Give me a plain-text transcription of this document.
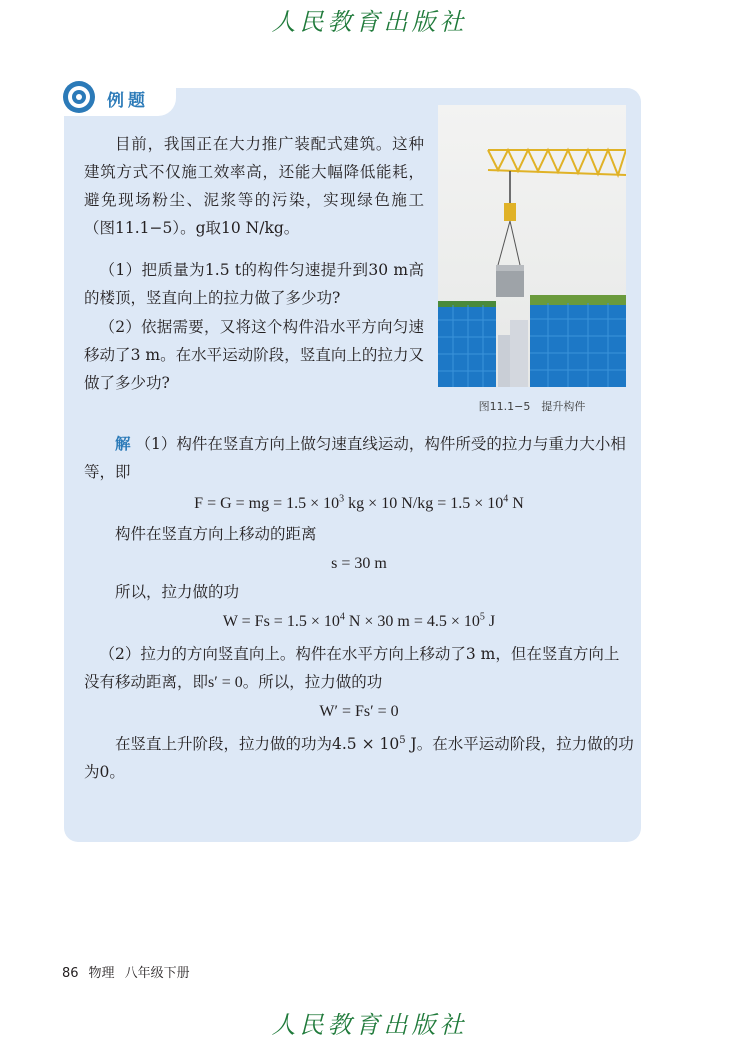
人民教育出版社
例题
目前，我国正在大力推广装配式建筑。这种建筑方式不仅施工效率高，还能大幅降低能耗，避免现场粉尘、泥浆等的污染，实现绿色施工（图11.1−5）。g取10 N/kg。
（1）把质量为1.5 t的构件匀速提升到30 m高的楼顶，竖直向上的拉力做了多少功?
（2）依据需要，又将这个构件沿水平方向匀速移动了3 m。在水平运动阶段，竖直向上的拉力又做了多少功?
图11.1−5　提升构件
解 （1）构件在竖直方向上做匀速直线运动，构件所受的拉力与重力大小相等，即
F = G = mg = $1.5 \times 10^3$ kg × 10 $N/kg = 1.5 \times 10^4$ N
构件在竖直方向上移动的距离
s = 30 m
所以，拉力做的功
$W = Fs = 1.5 \times 10^4$ N × 30 $m = 4.5 \times 10^5$ J
（2）拉力的方向竖直向上。构件在水平方向上移动了3 m，但在竖直方向上没有移动距离，即s′ = 0。所以，拉力做的功
W′ = Fs′ = 0
在竖直上升阶段，拉力做的功为$4.5 \times 10^5$ J。在水平运动阶段，拉力做的功为0。
86 物理 八年级下册
人民教育出版社
